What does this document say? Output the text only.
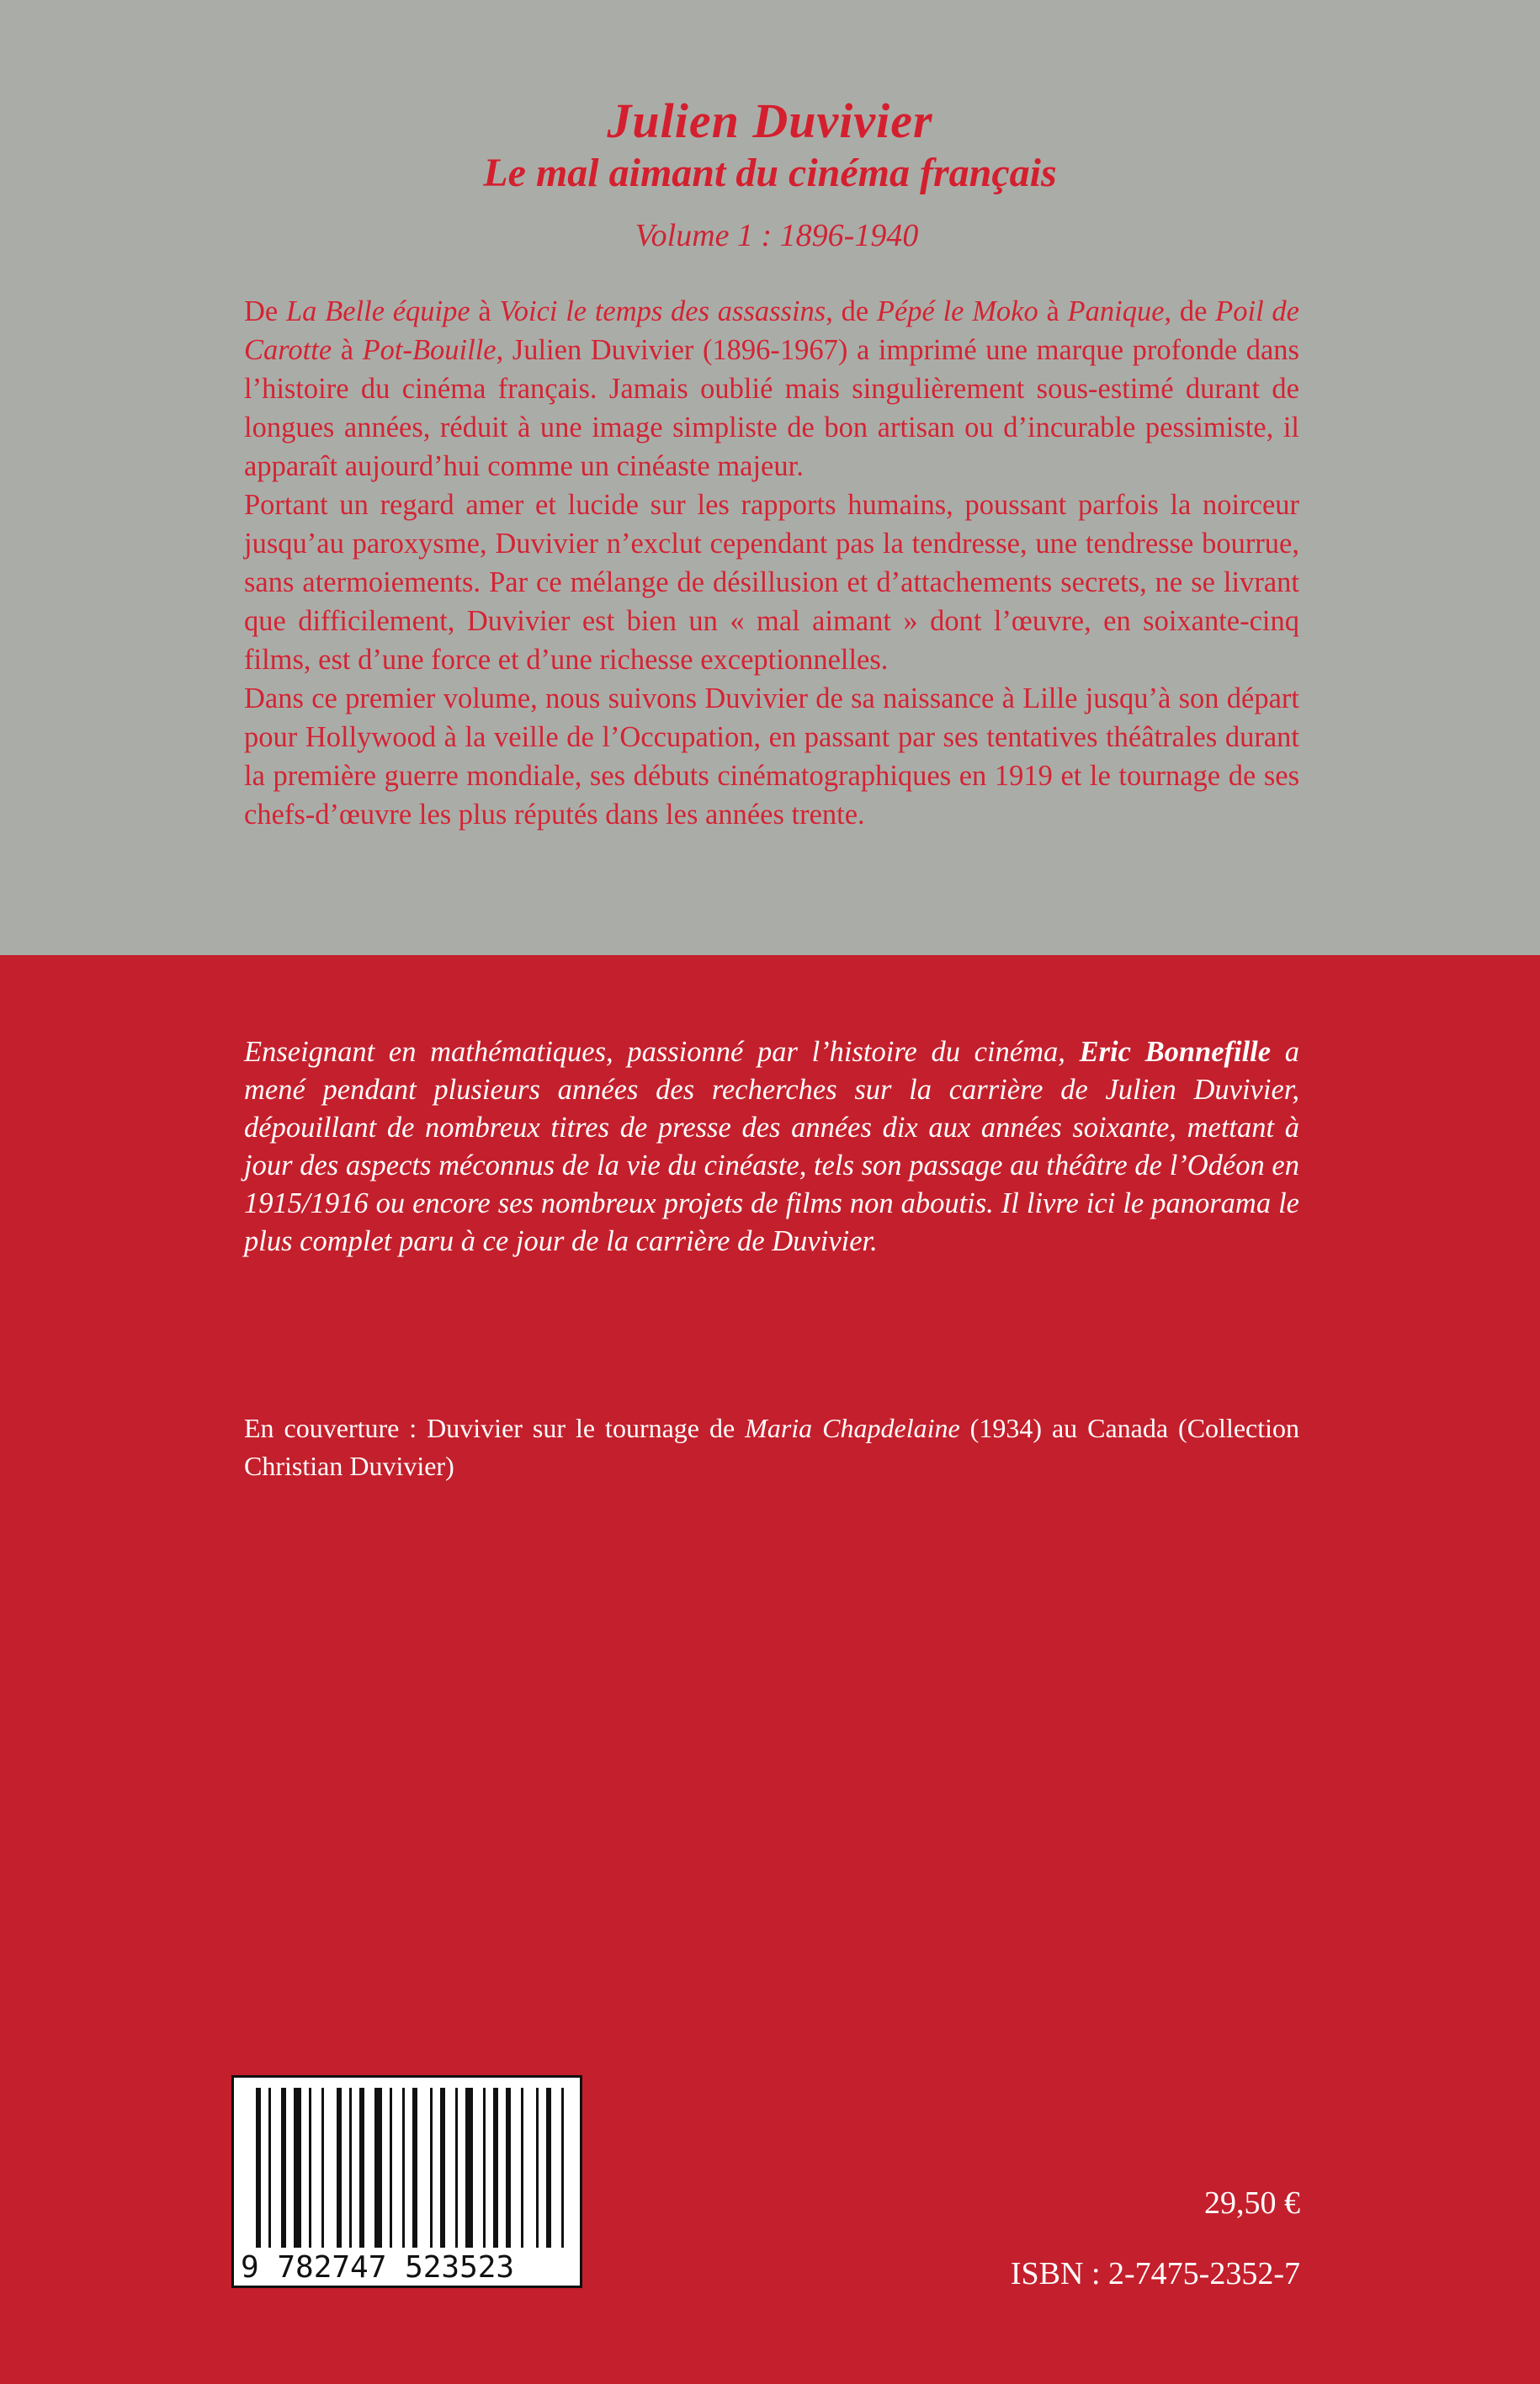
Julien Duvivier
Le mal aimant du cinéma français
Volume 1 : 1896-1940

De La Belle équipe à Voici le temps des assassins, de Pépé le Moko à Panique, de Poil de Carotte à Pot-Bouille, Julien Duvivier (1896-1967) a imprimé une marque profonde dans l’histoire du cinéma français. Jamais oublié mais singulièrement sous-estimé durant de longues années, réduit à une image simpliste de bon artisan ou d’incurable pessimiste, il apparaît aujourd’hui comme un cinéaste majeur.

Portant un regard amer et lucide sur les rapports humains, poussant parfois la noirceur jusqu’au paroxysme, Duvivier n’exclut cependant pas la tendresse, une tendresse bourrue, sans atermoiements. Par ce mélange de désillusion et d’attachements secrets, ne se livrant que difficilement, Duvivier est bien un « mal aimant » dont l’œuvre, en soixante-cinq films, est d’une force et d’une richesse exceptionnelles.

Dans ce premier volume, nous suivons Duvivier de sa naissance à Lille jusqu’à son départ pour Hollywood à la veille de l’Occupation, en passant par ses tentatives théâtrales durant la première guerre mondiale, ses débuts cinématographiques en 1919 et le tournage de ses chefs-d’œuvre les plus réputés dans les années trente.

Enseignant en mathématiques, passionné par l’histoire du cinéma, Eric Bonnefille a mené pendant plusieurs années des recherches sur la carrière de Julien Duvivier, dépouillant de nombreux titres de presse des années dix aux années soixante, mettant à jour des aspects méconnus de la vie du cinéaste, tels son passage au théâtre de l’Odéon en 1915/1916 ou encore ses nombreux projets de films non aboutis. Il livre ici le panorama le plus complet paru à ce jour de la carrière de Duvivier.
En couverture : Duvivier sur le tournage de Maria Chapdelaine (1934) au Canada (Collection Christian Duvivier)
9 782747 523523
29,50 €
ISBN : 2-7475-2352-7
